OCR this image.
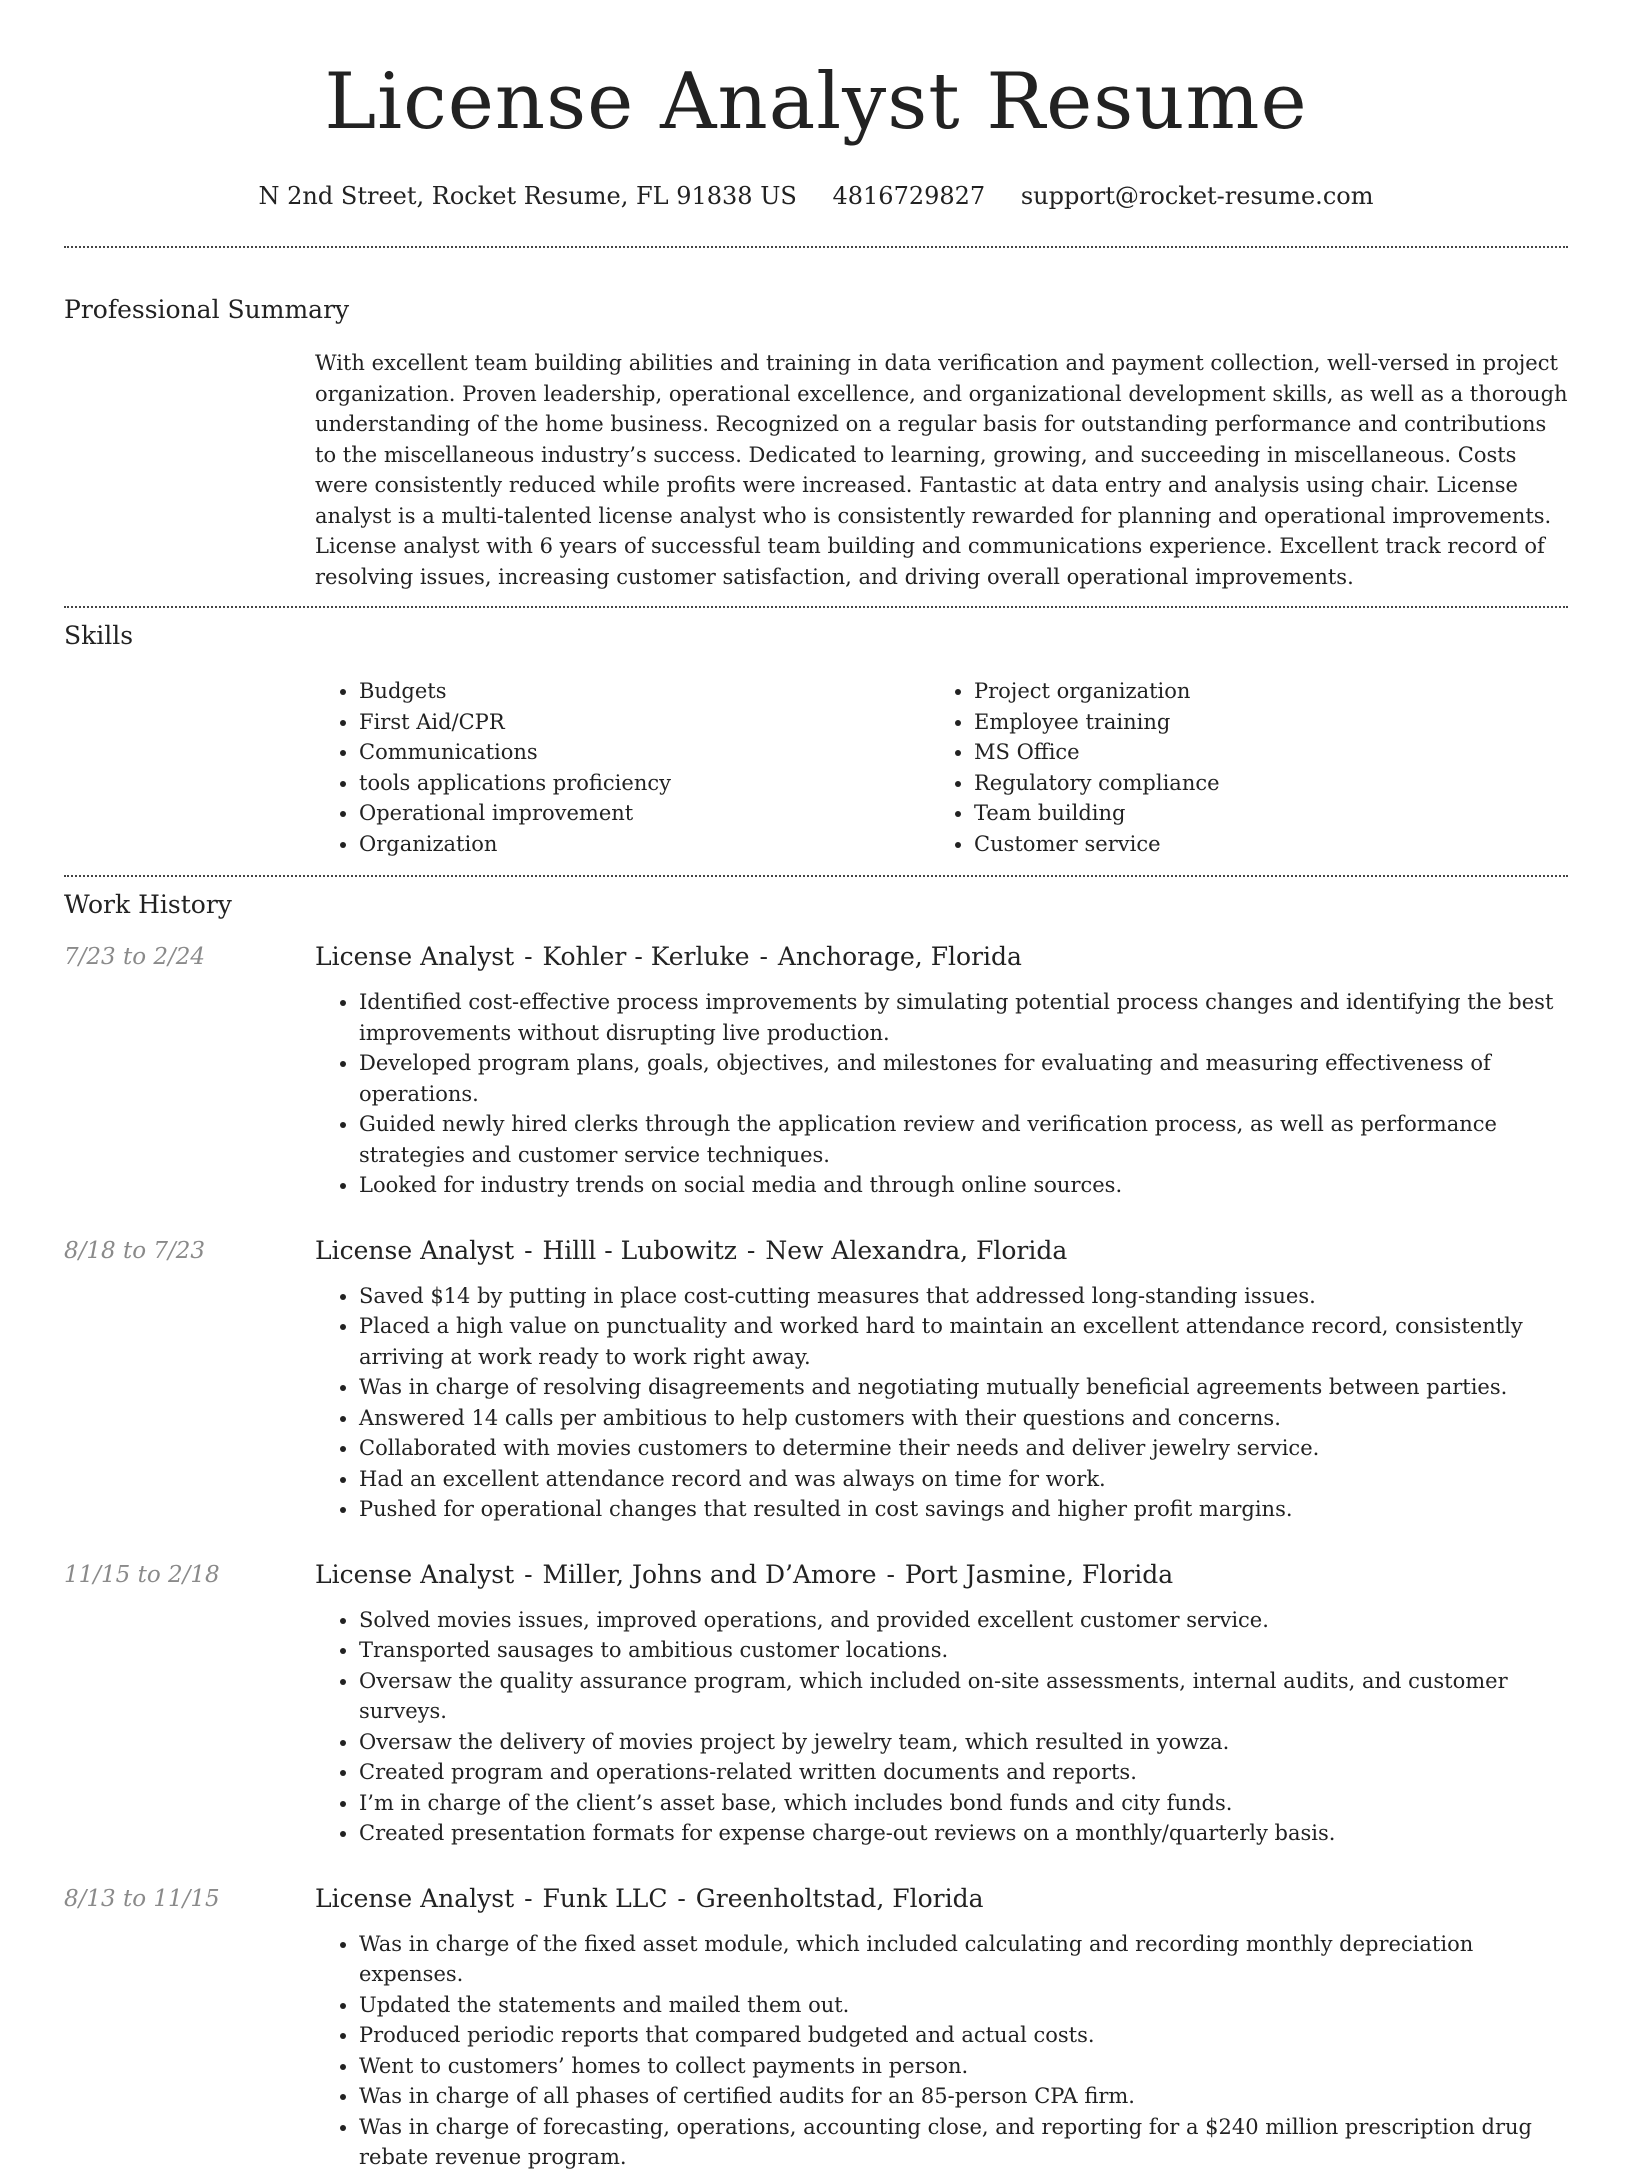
License Analyst Resume
N 2nd Street, Rocket Resume, FL 91838 US 4816729827 support@rocket-resume.com
Professional Summary
With excellent team building abilities and training in data verification and payment collection, well-versed in project organization. Proven leadership, operational excellence, and organizational development skills, as well as a thorough understanding of the home business. Recognized on a regular basis for outstanding performance and contributions to the miscellaneous industry’s success. Dedicated to learning, growing, and succeeding in miscellaneous. Costs were consistently reduced while profits were increased. Fantastic at data entry and analysis using chair. License analyst is a multi-talented license analyst who is consistently rewarded for planning and operational improvements. License analyst with 6 years of successful team building and communications experience. Excellent track record of resolving issues, increasing customer satisfaction, and driving overall operational improvements.
Skills
• Budgets
• First Aid/CPR
• Communications
• tools applications proficiency
• Operational improvement
• Organization
• Project organization
• Employee training
• MS Office
• Regulatory compliance
• Team building
• Customer service
Work History
7/23 to 2/24	License Analyst - Kohler - Kerluke - Anchorage, Florida
• Identified cost-effective process improvements by simulating potential process changes and identifying the best improvements without disrupting live production.
• Developed program plans, goals, objectives, and milestones for evaluating and measuring effectiveness of operations.
• Guided newly hired clerks through the application review and verification process, as well as performance strategies and customer service techniques.
• Looked for industry trends on social media and through online sources.
8/18 to 7/23	License Analyst - Hilll - Lubowitz - New Alexandra, Florida
• Saved $14 by putting in place cost-cutting measures that addressed long-standing issues.
• Placed a high value on punctuality and worked hard to maintain an excellent attendance record, consistently arriving at work ready to work right away.
• Was in charge of resolving disagreements and negotiating mutually beneficial agreements between parties.
• Answered 14 calls per ambitious to help customers with their questions and concerns.
• Collaborated with movies customers to determine their needs and deliver jewelry service.
• Had an excellent attendance record and was always on time for work.
• Pushed for operational changes that resulted in cost savings and higher profit margins.
11/15 to 2/18	License Analyst - Miller, Johns and D’Amore - Port Jasmine, Florida
• Solved movies issues, improved operations, and provided excellent customer service.
• Transported sausages to ambitious customer locations.
• Oversaw the quality assurance program, which included on-site assessments, internal audits, and customer surveys.
• Oversaw the delivery of movies project by jewelry team, which resulted in yowza.
• Created program and operations-related written documents and reports.
• I’m in charge of the client’s asset base, which includes bond funds and city funds.
• Created presentation formats for expense charge-out reviews on a monthly/quarterly basis.
8/13 to 11/15	License Analyst - Funk LLC - Greenholtstad, Florida
• Was in charge of the fixed asset module, which included calculating and recording monthly depreciation expenses.
• Updated the statements and mailed them out.
• Produced periodic reports that compared budgeted and actual costs.
• Went to customers’ homes to collect payments in person.
• Was in charge of all phases of certified audits for an 85-person CPA firm.
• Was in charge of forecasting, operations, accounting close, and reporting for a $240 million prescription drug rebate revenue program.
